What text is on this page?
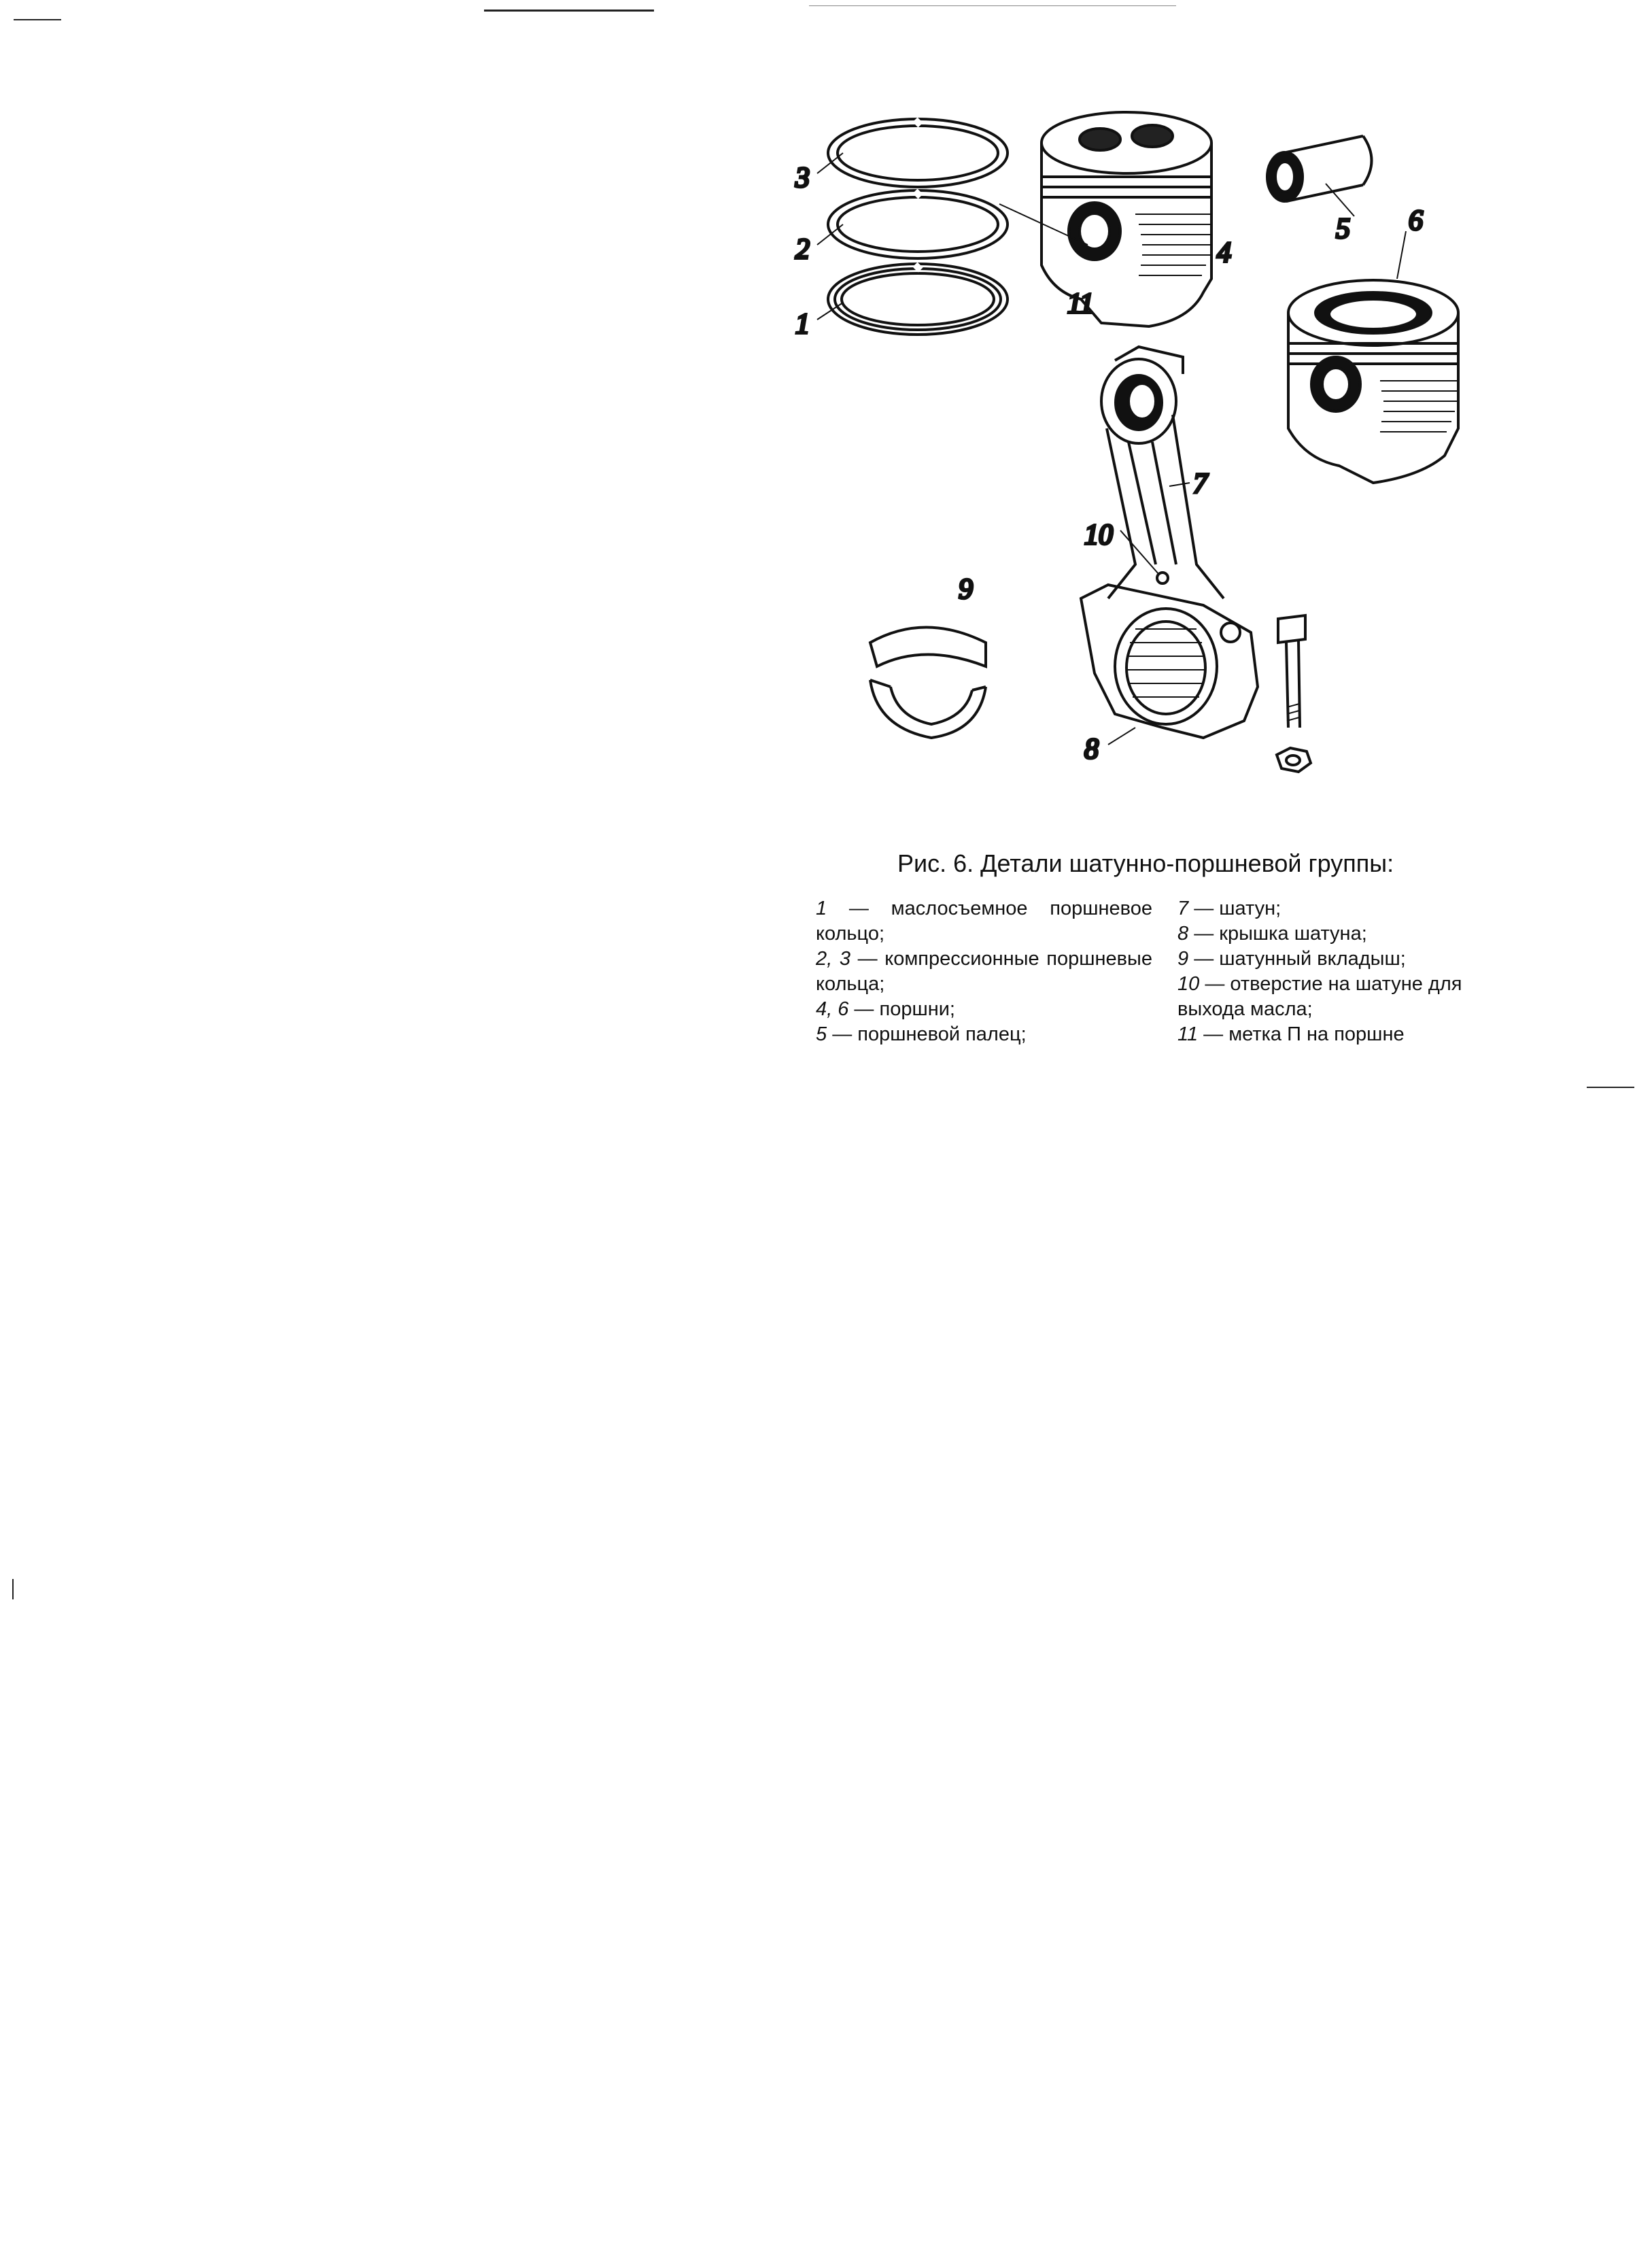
1
2
3
4
5 6
7
8
9
10
11
Рис. 6. Детали шатунно-поршневой группы:

1 — маслосъемное поршневое кольцо;

2, 3 — компрессионные поршневые кольца;

4, 6 — поршни;

5 — поршневой палец;

7 — шатун;

8 — крышка шатуна;

9 — шатунный вкладыш;

10 — отверстие на шатуне для выхода масла;

11 — метка П на поршне
